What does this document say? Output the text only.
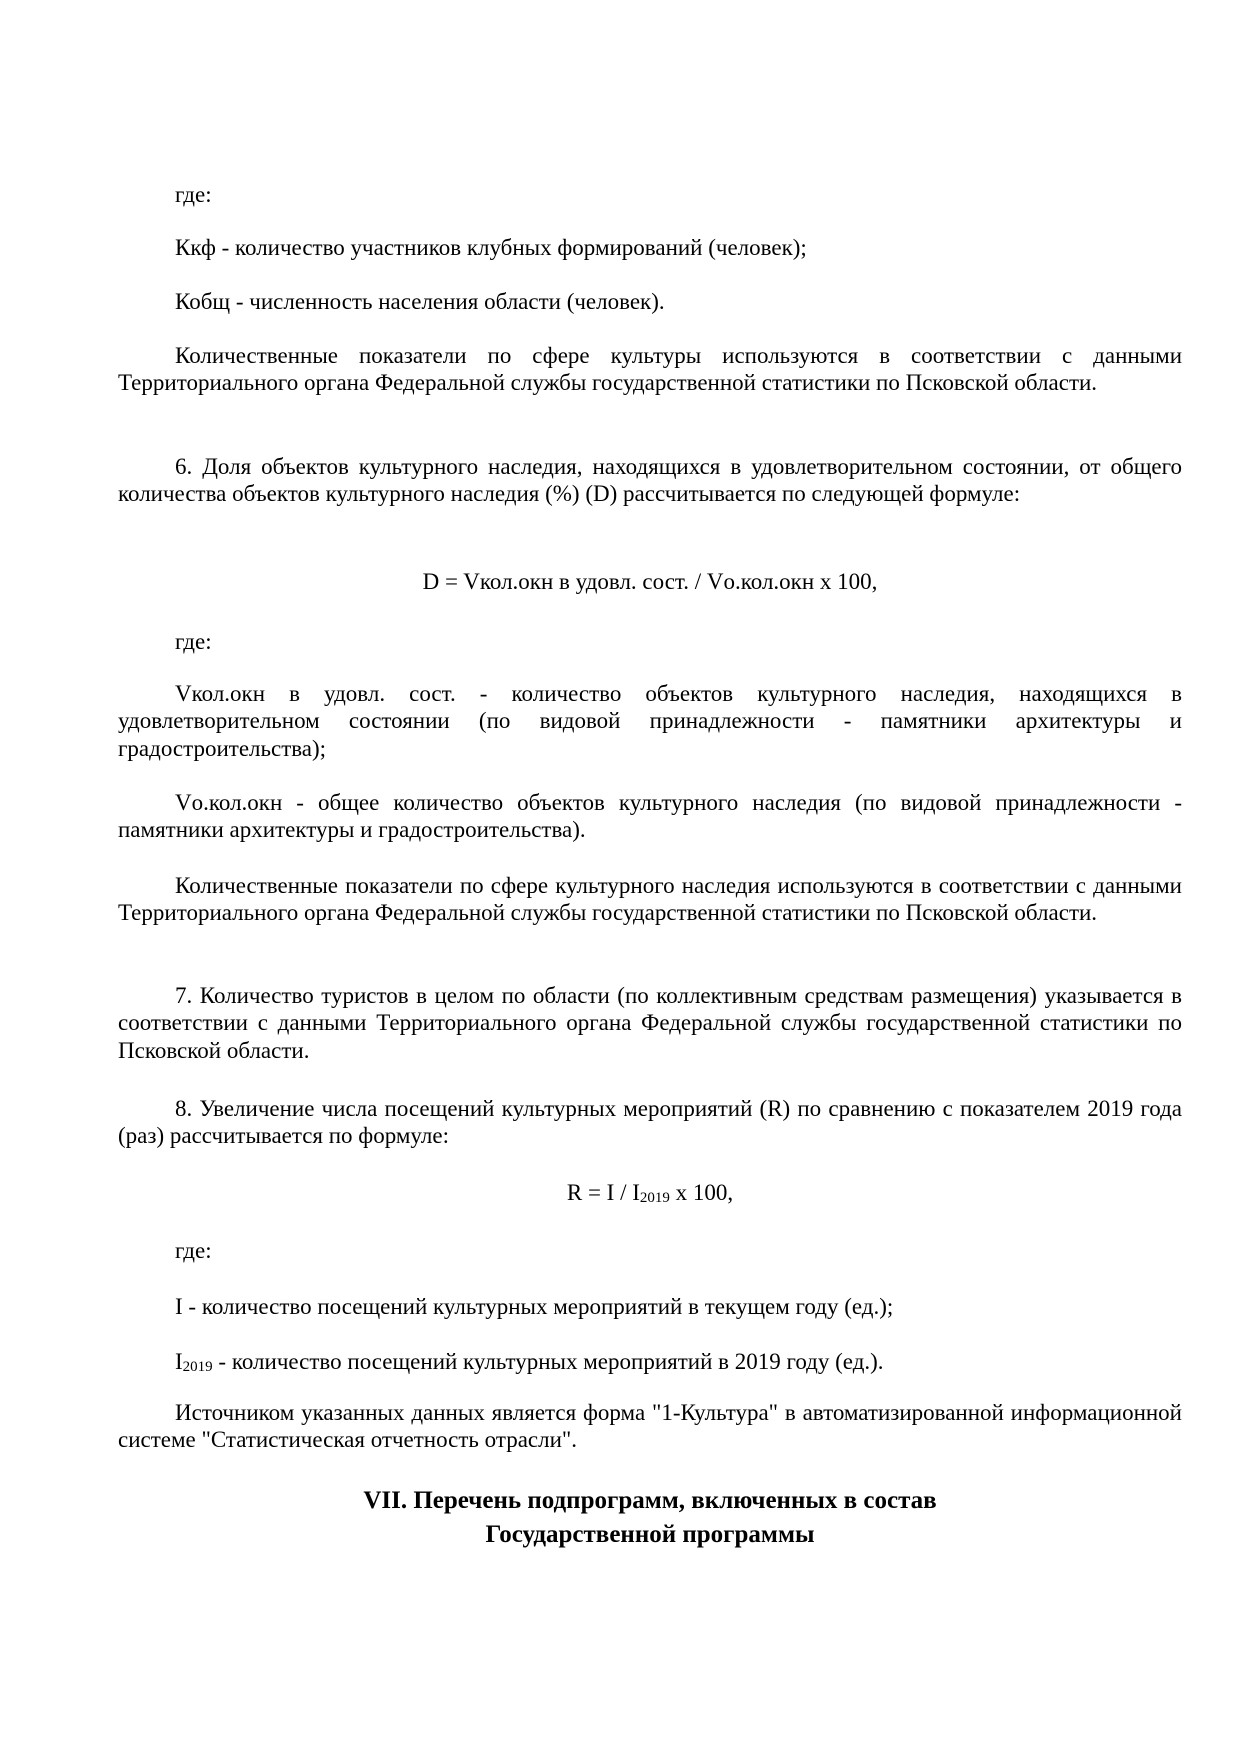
где:

Ккф - количество участников клубных формирований (человек);

Кобщ - численность населения области (человек).

Количественные показатели по сфере культуры используются в соответствии с данными Территориального органа Федеральной службы государственной статистики по Псковской области.

6. Доля объектов культурного наследия, находящихся в удовлетворительном состоянии, от общего количества объектов культурного наследия (%) (D) рассчитывается по следующей формуле:

D = Vкол.окн в удовл. сост. / Vо.кол.окн x 100,

где:

Vкол.окн в удовл. сост. - количество объектов культурного наследия, находящихся в удовлетворительном состоянии (по видовой принадлежности - памятники архитектуры и градостроительства);

Vо.кол.окн - общее количество объектов культурного наследия (по видовой принадлежности - памятники архитектуры и градостроительства).

Количественные показатели по сфере культурного наследия используются в соответствии с данными Территориального органа Федеральной службы государственной статистики по Псковской области.

7. Количество туристов в целом по области (по коллективным средствам размещения) указывается в соответствии с данными Территориального органа Федеральной службы государственной статистики по Псковской области.

8. Увеличение числа посещений культурных мероприятий (R) по сравнению с показателем 2019 года (раз) рассчитывается по формуле:

$R = I / I_{2019}$ x 100,

где:

I - количество посещений культурных мероприятий в текущем году (ед.);

$I_{2019}$ - количество посещений культурных мероприятий в 2019 году (ед.).

Источником указанных данных является форма "1-Культура" в автоматизированной информационной системе "Статистическая отчетность отрасли".

VII. Перечень подпрограмм, включенных в состав
Государственной программы
